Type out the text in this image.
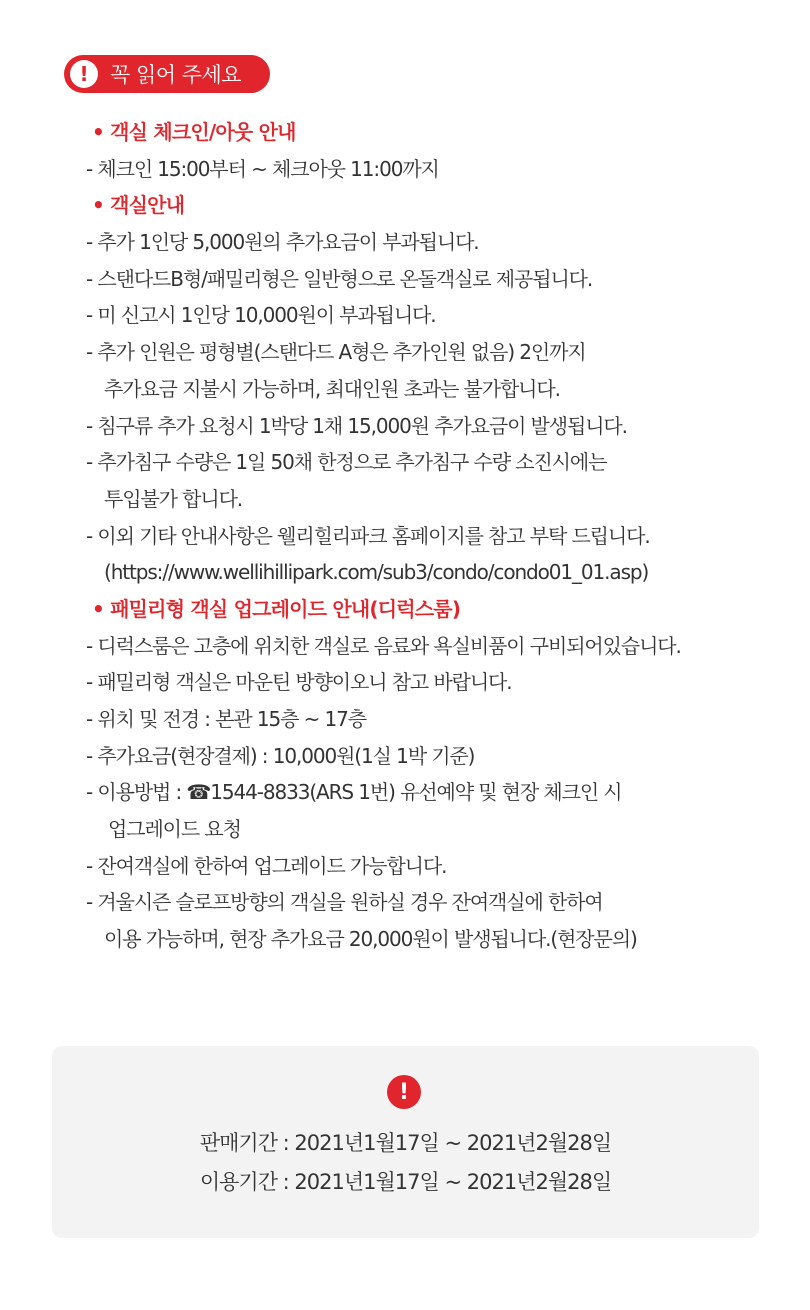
!	꼭 읽어 주세요
• 객실 체크인/아웃 안내
- 체크인 15:00부터 ~ 체크아웃 11:00까지
• 객실안내
- 추가 1인당 5,000원의 추가요금이 부과됩니다.
- 스탠다드B형/패밀리형은 일반형으로 온돌객실로 제공됩니다.
- 미 신고시 1인당 10,000원이 부과됩니다.
- 추가 인원은 평형별(스탠다드 A형은 추가인원 없음) 2인까지
추가요금 지불시 가능하며, 최대인원 초과는 불가합니다.
- 침구류 추가 요청시 1박당 1채 15,000원 추가요금이 발생됩니다.
- 추가침구 수량은 1일 50채 한정으로 추가침구 수량 소진시에는
투입불가 합니다.
- 이외 기타 안내사항은 웰리힐리파크 홈페이지를 참고 부탁 드립니다.
(https://www.wellihillipark.com/sub3/condo/condo01_01.asp)
• 패밀리형 객실 업그레이드 안내(디럭스룸)
- 디럭스룸은 고층에 위치한 객실로 음료와 욕실비품이 구비되어있습니다.
- 패밀리형 객실은 마운틴 방향이오니 참고 바랍니다.
- 위치 및 전경 : 본관 15층 ~ 17층
- 추가요금(현장결제) : 10,000원(1실 1박 기준)
- 이용방법 : ☎1544-8833(ARS 1번) 유선예약 및 현장 체크인 시
업그레이드 요청
- 잔여객실에 한하여 업그레이드 가능합니다.
- 겨울시즌 슬로프방향의 객실을 원하실 경우 잔여객실에 한하여
이용 가능하며, 현장 추가요금 20,000원이 발생됩니다.(현장문의)
!
판매기간 : 2021년1월17일 ~ 2021년2월28일
이용기간 : 2021년1월17일 ~ 2021년2월28일
